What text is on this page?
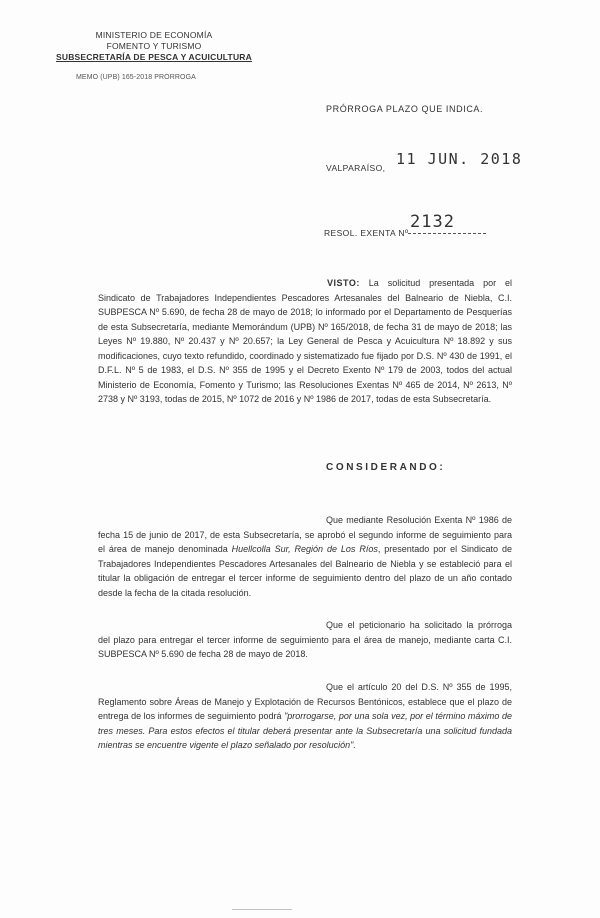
MINISTERIO DE ECONOMÍA
FOMENTO Y TURISMO
SUBSECRETARÍA DE PESCA Y ACUICULTURA
MEMO (UPB) 165-2018 PRORROGA
PRÓRROGA PLAZO QUE INDICA.
VALPARAÍSO, 11 JUN. 2018
RESOL. EXENTA Nº
2132
VISTO: La solicitud presentada por el Sindicato de Trabajadores Independientes Pescadores Artesanales del Balneario de Niebla, C.I. SUBPESCA Nº 5.690, de fecha 28 de mayo de 2018; lo informado por el Departamento de Pesquerías de esta Subsecretaría, mediante Memorándum (UPB) Nº 165/2018, de fecha 31 de mayo de 2018; las Leyes Nº 19.880, Nº 20.437 y Nº 20.657; la Ley General de Pesca y Acuicultura Nº 18.892 y sus modificaciones, cuyo texto refundido, coordinado y sistematizado fue fijado por D.S. Nº 430 de 1991, el D.F.L. Nº 5 de 1983, el D.S. Nº 355 de 1995 y el Decreto Exento Nº 179 de 2003, todos del actual Ministerio de Economía, Fomento y Turismo; las Resoluciones Exentas Nº 465 de 2014, Nº 2613, Nº 2738 y Nº 3193, todas de 2015, Nº 1072 de 2016 y Nº 1986 de 2017, todas de esta Subsecretaría.
CONSIDERANDO:
Que mediante Resolución Exenta Nº 1986 de fecha 15 de junio de 2017, de esta Subsecretaría, se aprobó el segundo informe de seguimiento para el área de manejo denominada Huellcolla Sur, Región de Los Ríos, presentado por el Sindicato de Trabajadores Independientes Pescadores Artesanales del Balneario de Niebla y se estableció para el titular la obligación de entregar el tercer informe de seguimiento dentro del plazo de un año contado desde la fecha de la citada resolución.
Que el peticionario ha solicitado la prórroga del plazo para entregar el tercer informe de seguimiento para el área de manejo, mediante carta C.I. SUBPESCA Nº 5.690 de fecha 28 de mayo de 2018.
Que el artículo 20 del D.S. Nº 355 de 1995, Reglamento sobre Áreas de Manejo y Explotación de Recursos Bentónicos, establece que el plazo de entrega de los informes de seguimiento podrá "prorrogarse, por una sola vez, por el término máximo de tres meses. Para estos efectos el titular deberá presentar ante la Subsecretaría una solicitud fundada mientras se encuentre vigente el plazo señalado por resolución".
